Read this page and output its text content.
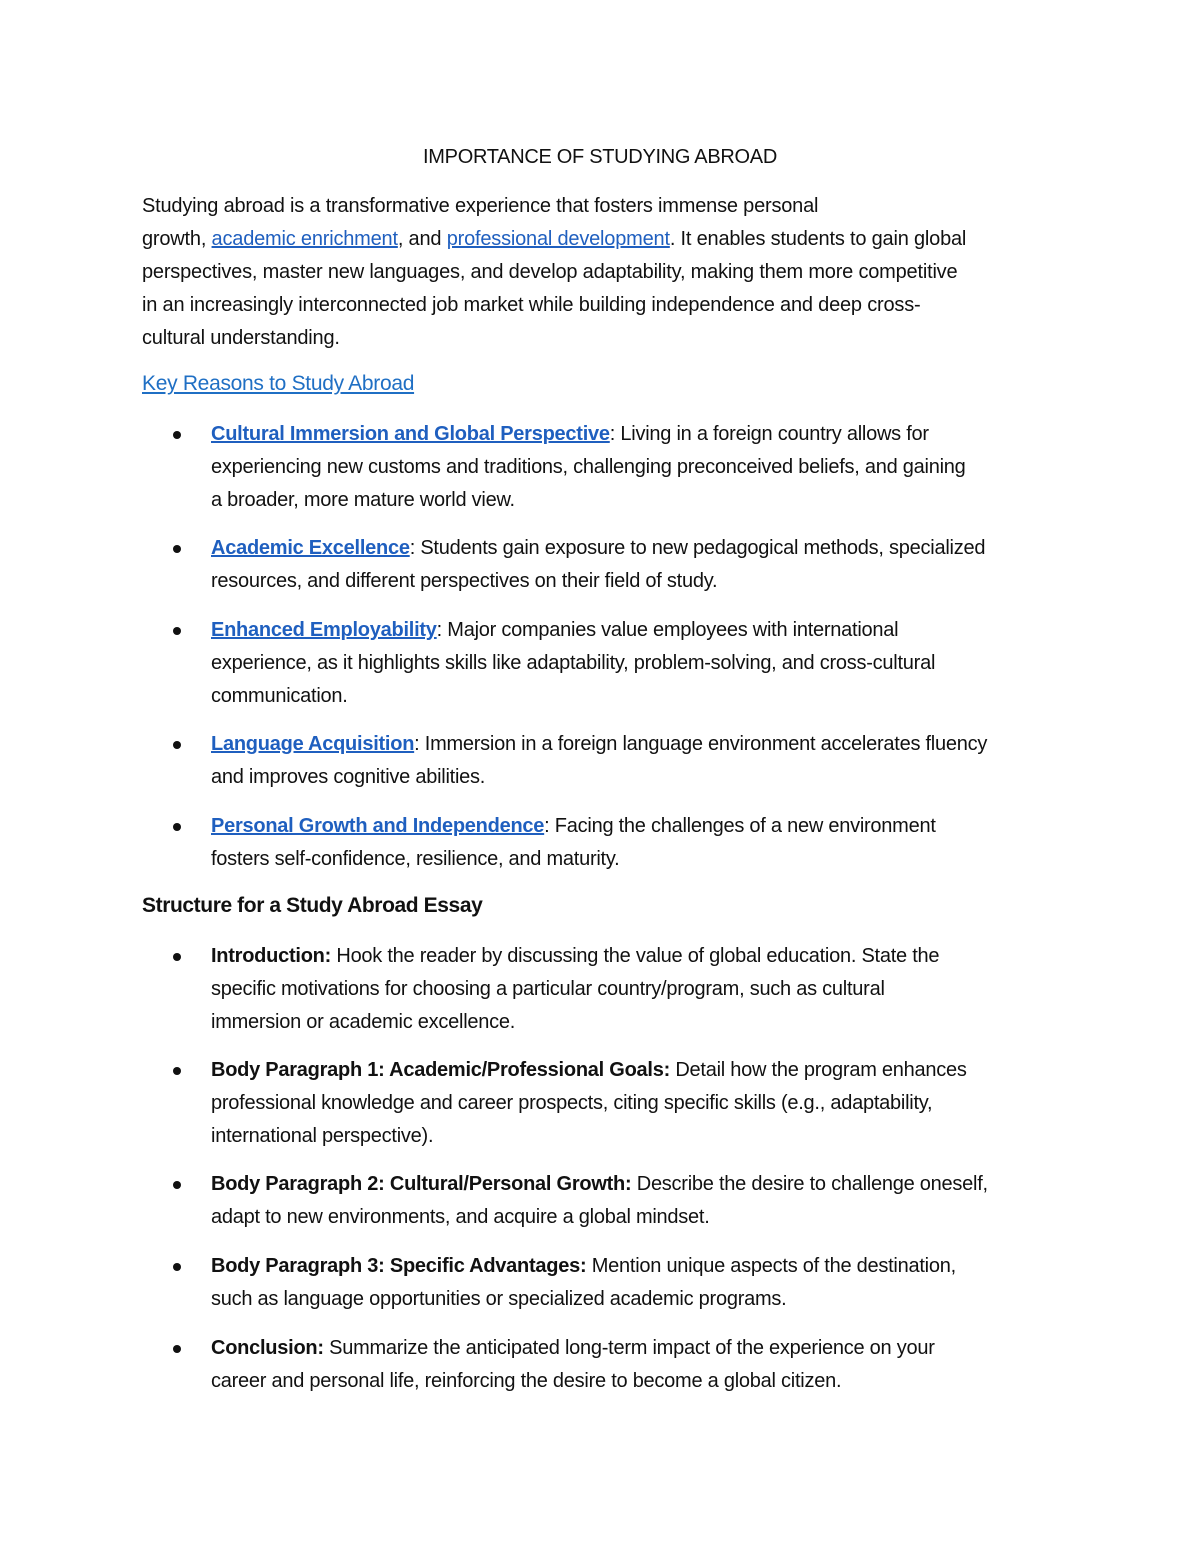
IMPORTANCE OF STUDYING ABROAD
Studying abroad is a transformative experience that fosters immense personal
growth, academic enrichment, and professional development. It enables students to gain global
perspectives, master new languages, and develop adaptability, making them more competitive
in an increasingly interconnected job market while building independence and deep cross-
cultural understanding.
Key Reasons to Study Abroad
Cultural Immersion and Global Perspective: Living in a foreign country allows for
experiencing new customs and traditions, challenging preconceived beliefs, and gaining
a broader, more mature world view.
Academic Excellence: Students gain exposure to new pedagogical methods, specialized
resources, and different perspectives on their field of study.
Enhanced Employability: Major companies value employees with international
experience, as it highlights skills like adaptability, problem-solving, and cross-cultural
communication.
Language Acquisition: Immersion in a foreign language environment accelerates fluency
and improves cognitive abilities.
Personal Growth and Independence: Facing the challenges of a new environment
fosters self-confidence, resilience, and maturity.
Structure for a Study Abroad Essay
Introduction: Hook the reader by discussing the value of global education. State the
specific motivations for choosing a particular country/program, such as cultural
immersion or academic excellence.
Body Paragraph 1: Academic/Professional Goals: Detail how the program enhances
professional knowledge and career prospects, citing specific skills (e.g., adaptability,
international perspective).
Body Paragraph 2: Cultural/Personal Growth: Describe the desire to challenge oneself,
adapt to new environments, and acquire a global mindset.
Body Paragraph 3: Specific Advantages: Mention unique aspects of the destination,
such as language opportunities or specialized academic programs.
Conclusion: Summarize the anticipated long-term impact of the experience on your
career and personal life, reinforcing the desire to become a global citizen.
